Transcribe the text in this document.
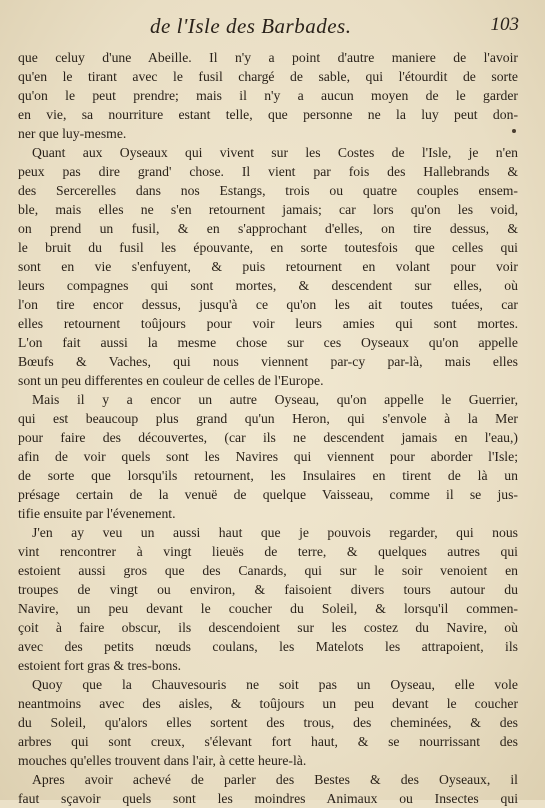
de l'Isle des Barbades.	103
que celuy d'une Abeille. Il n'y a point d'autre maniere de l'avoir
qu'en le tirant avec le fusil chargé de sable, qui l'étourdit de sorte
qu'on le peut prendre; mais il n'y a aucun moyen de le garder
en vie, sa nourriture estant telle, que personne ne la luy peut don-
ner que luy-mesme.
Quant aux Oyseaux qui vivent sur les Costes de l'Isle, je n'en
peux pas dire grand' chose. Il vient par fois des Hallebrands &
des Sercerelles dans nos Estangs, trois ou quatre couples ensem-
ble, mais elles ne s'en retournent jamais; car lors qu'on les void,
on prend un fusil, & en s'approchant d'elles, on tire dessus, &
le bruit du fusil les épouvante, en sorte toutesfois que celles qui
sont en vie s'enfuyent, & puis retournent en volant pour voir
leurs compagnes qui sont mortes, & descendent sur elles, où
l'on tire encor dessus, jusqu'à ce qu'on les ait toutes tuées, car
elles retournent toûjours pour voir leurs amies qui sont mortes.
L'on fait aussi la mesme chose sur ces Oyseaux qu'on appelle
Bœufs & Vaches, qui nous viennent par-cy par-là, mais elles
sont un peu differentes en couleur de celles de l'Europe.
Mais il y a encor un autre Oyseau, qu'on appelle le Guerrier,
qui est beaucoup plus grand qu'un Heron, qui s'envole à la Mer
pour faire des découvertes, (car ils ne descendent jamais en l'eau,)
afin de voir quels sont les Navires qui viennent pour aborder l'Isle;
de sorte que lorsqu'ils retournent, les Insulaires en tirent de là un
présage certain de la venuë de quelque Vaisseau, comme il se jus-
tifie ensuite par l'évenement.
J'en ay veu un aussi haut que je pouvois regarder, qui nous
vint rencontrer à vingt lieuës de terre, & quelques autres qui
estoient aussi gros que des Canards, qui sur le soir venoient en
troupes de vingt ou environ, & faisoient divers tours autour du
Navire, un peu devant le coucher du Soleil, & lorsqu'il commen-
çoit à faire obscur, ils descendoient sur les costez du Navire, où
avec des petits nœuds coulans, les Matelots les attrapoient, ils
estoient fort gras & tres-bons.
Quoy que la Chauvesouris ne soit pas un Oyseau, elle vole
neantmoins avec des aisles, & toûjours un peu devant le coucher
du Soleil, qu'alors elles sortent des trous, des cheminées, & des
arbres qui sont creux, s'élevant fort haut, & se nourrissant des
mouches qu'elles trouvent dans l'air, à cette heure-là.
Apres avoir achevé de parler des Bestes & des Oyseaux, il
faut sçavoir quels sont les moindres Animaux ou Insectes qui
